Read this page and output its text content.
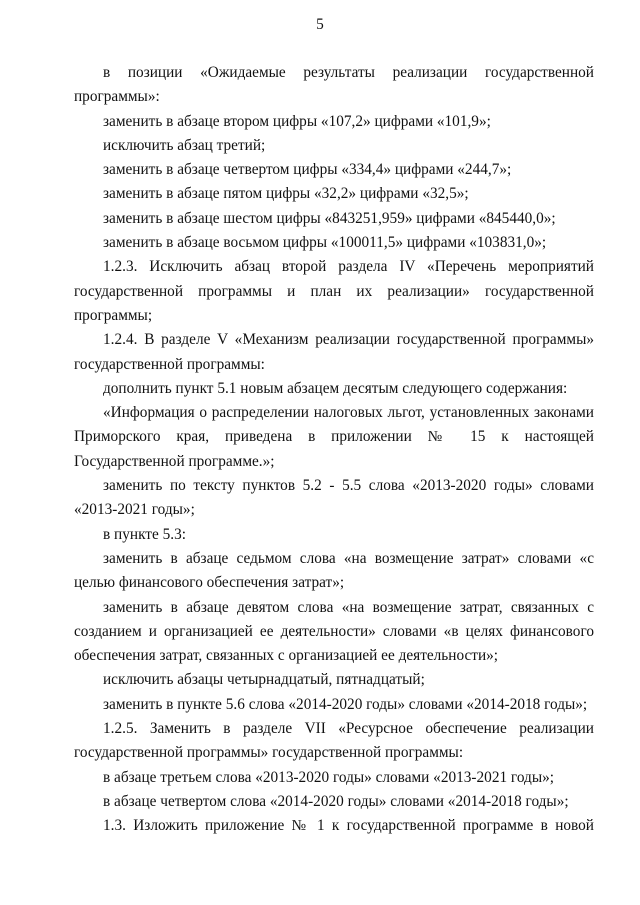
5

в позиции «Ожидаемые результаты реализации государственной программы»:

заменить в абзаце втором цифры «107,2» цифрами «101,9»;

исключить абзац третий;

заменить в абзаце четвертом цифры «334,4» цифрами «244,7»;

заменить в абзаце пятом цифры «32,2» цифрами «32,5»;

заменить в абзаце шестом цифры «843251,959» цифрами «845440,0»;

заменить в абзаце восьмом цифры «100011,5» цифрами «103831,0»;

1.2.3. Исключить абзац второй раздела IV «Перечень мероприятий государственной программы и план их реализации» государственной программы;

1.2.4. В разделе V «Механизм реализации государственной программы» государственной программы:

дополнить пункт 5.1 новым абзацем десятым следующего содержания:

«Информация о распределении налоговых льгот, установленных законами Приморского края, приведена в приложении № 15 к настоящей Государственной программе.»;

заменить по тексту пунктов 5.2 - 5.5 слова «2013-2020 годы» словами «2013-2021 годы»;

в пункте 5.3:

заменить в абзаце седьмом слова «на возмещение затрат» словами «с целью финансового обеспечения затрат»;

заменить в абзаце девятом слова «на возмещение затрат, связанных с созданием и организацией ее деятельности» словами «в целях финансового обеспечения затрат, связанных с организацией ее деятельности»;

исключить абзацы четырнадцатый, пятнадцатый;

заменить в пункте 5.6 слова «2014-2020 годы» словами «2014-2018 годы»;

1.2.5. Заменить в разделе VII «Ресурсное обеспечение реализации государственной программы» государственной программы:

в абзаце третьем слова «2013-2020 годы» словами «2013-2021 годы»;

в абзаце четвертом слова «2014-2020 годы» словами «2014-2018 годы»;

1.3. Изложить приложение № 1 к государственной программе в новой
